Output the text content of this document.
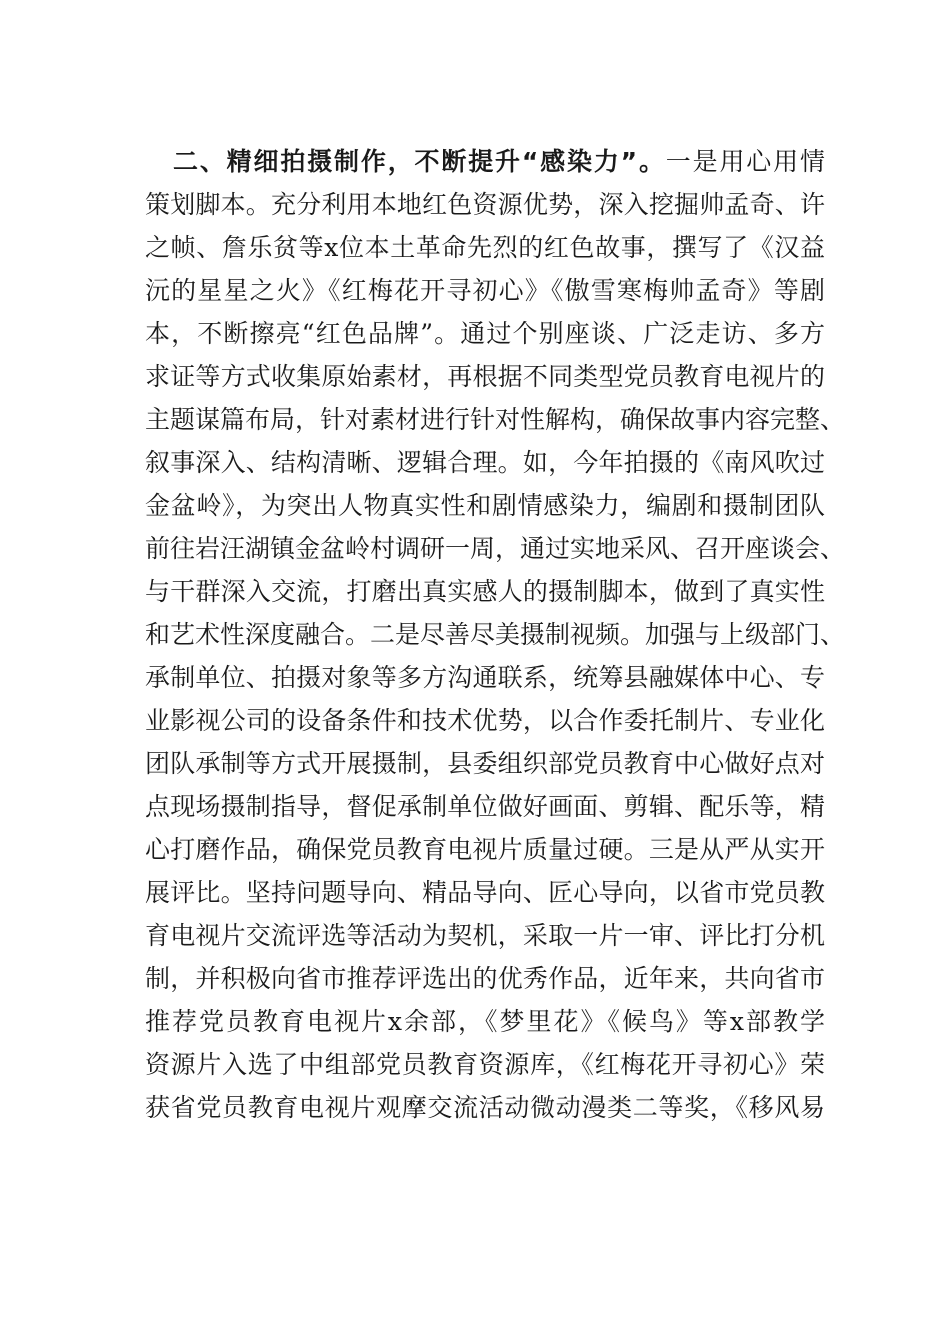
二、精细拍摄制作，不断提升“感染力”。一是用心用情
策划脚本。充分利用本地红色资源优势，深入挖掘帅孟奇、许
之帧、詹乐贫等x位本土革命先烈的红色故事，撰写了《汉益
沅的星星之火》《红梅花开寻初心》《傲雪寒梅帅孟奇》等剧
本，不断擦亮“红色品牌”。通过个别座谈、广泛走访、多方
求证等方式收集原始素材，再根据不同类型党员教育电视片的
主题谋篇布局，针对素材进行针对性解构，确保故事内容完整、
叙事深入、结构清晰、逻辑合理。如，今年拍摄的《南风吹过
金盆岭》，为突出人物真实性和剧情感染力，编剧和摄制团队
前往岩汪湖镇金盆岭村调研一周，通过实地采风、召开座谈会、
与干群深入交流，打磨出真实感人的摄制脚本，做到了真实性
和艺术性深度融合。二是尽善尽美摄制视频。加强与上级部门、
承制单位、拍摄对象等多方沟通联系，统筹县融媒体中心、专
业影视公司的设备条件和技术优势，以合作委托制片、专业化
团队承制等方式开展摄制，县委组织部党员教育中心做好点对
点现场摄制指导，督促承制单位做好画面、剪辑、配乐等，精
心打磨作品，确保党员教育电视片质量过硬。三是从严从实开
展评比。坚持问题导向、精品导向、匠心导向，以省市党员教
育电视片交流评选等活动为契机，采取一片一审、评比打分机
制，并积极向省市推荐评选出的优秀作品，近年来，共向省市
推荐党员教育电视片x余部，《梦里花》《候鸟》等x部教学
资源片入选了中组部党员教育资源库，《红梅花开寻初心》荣
获省党员教育电视片观摩交流活动微动漫类二等奖，《移风易
